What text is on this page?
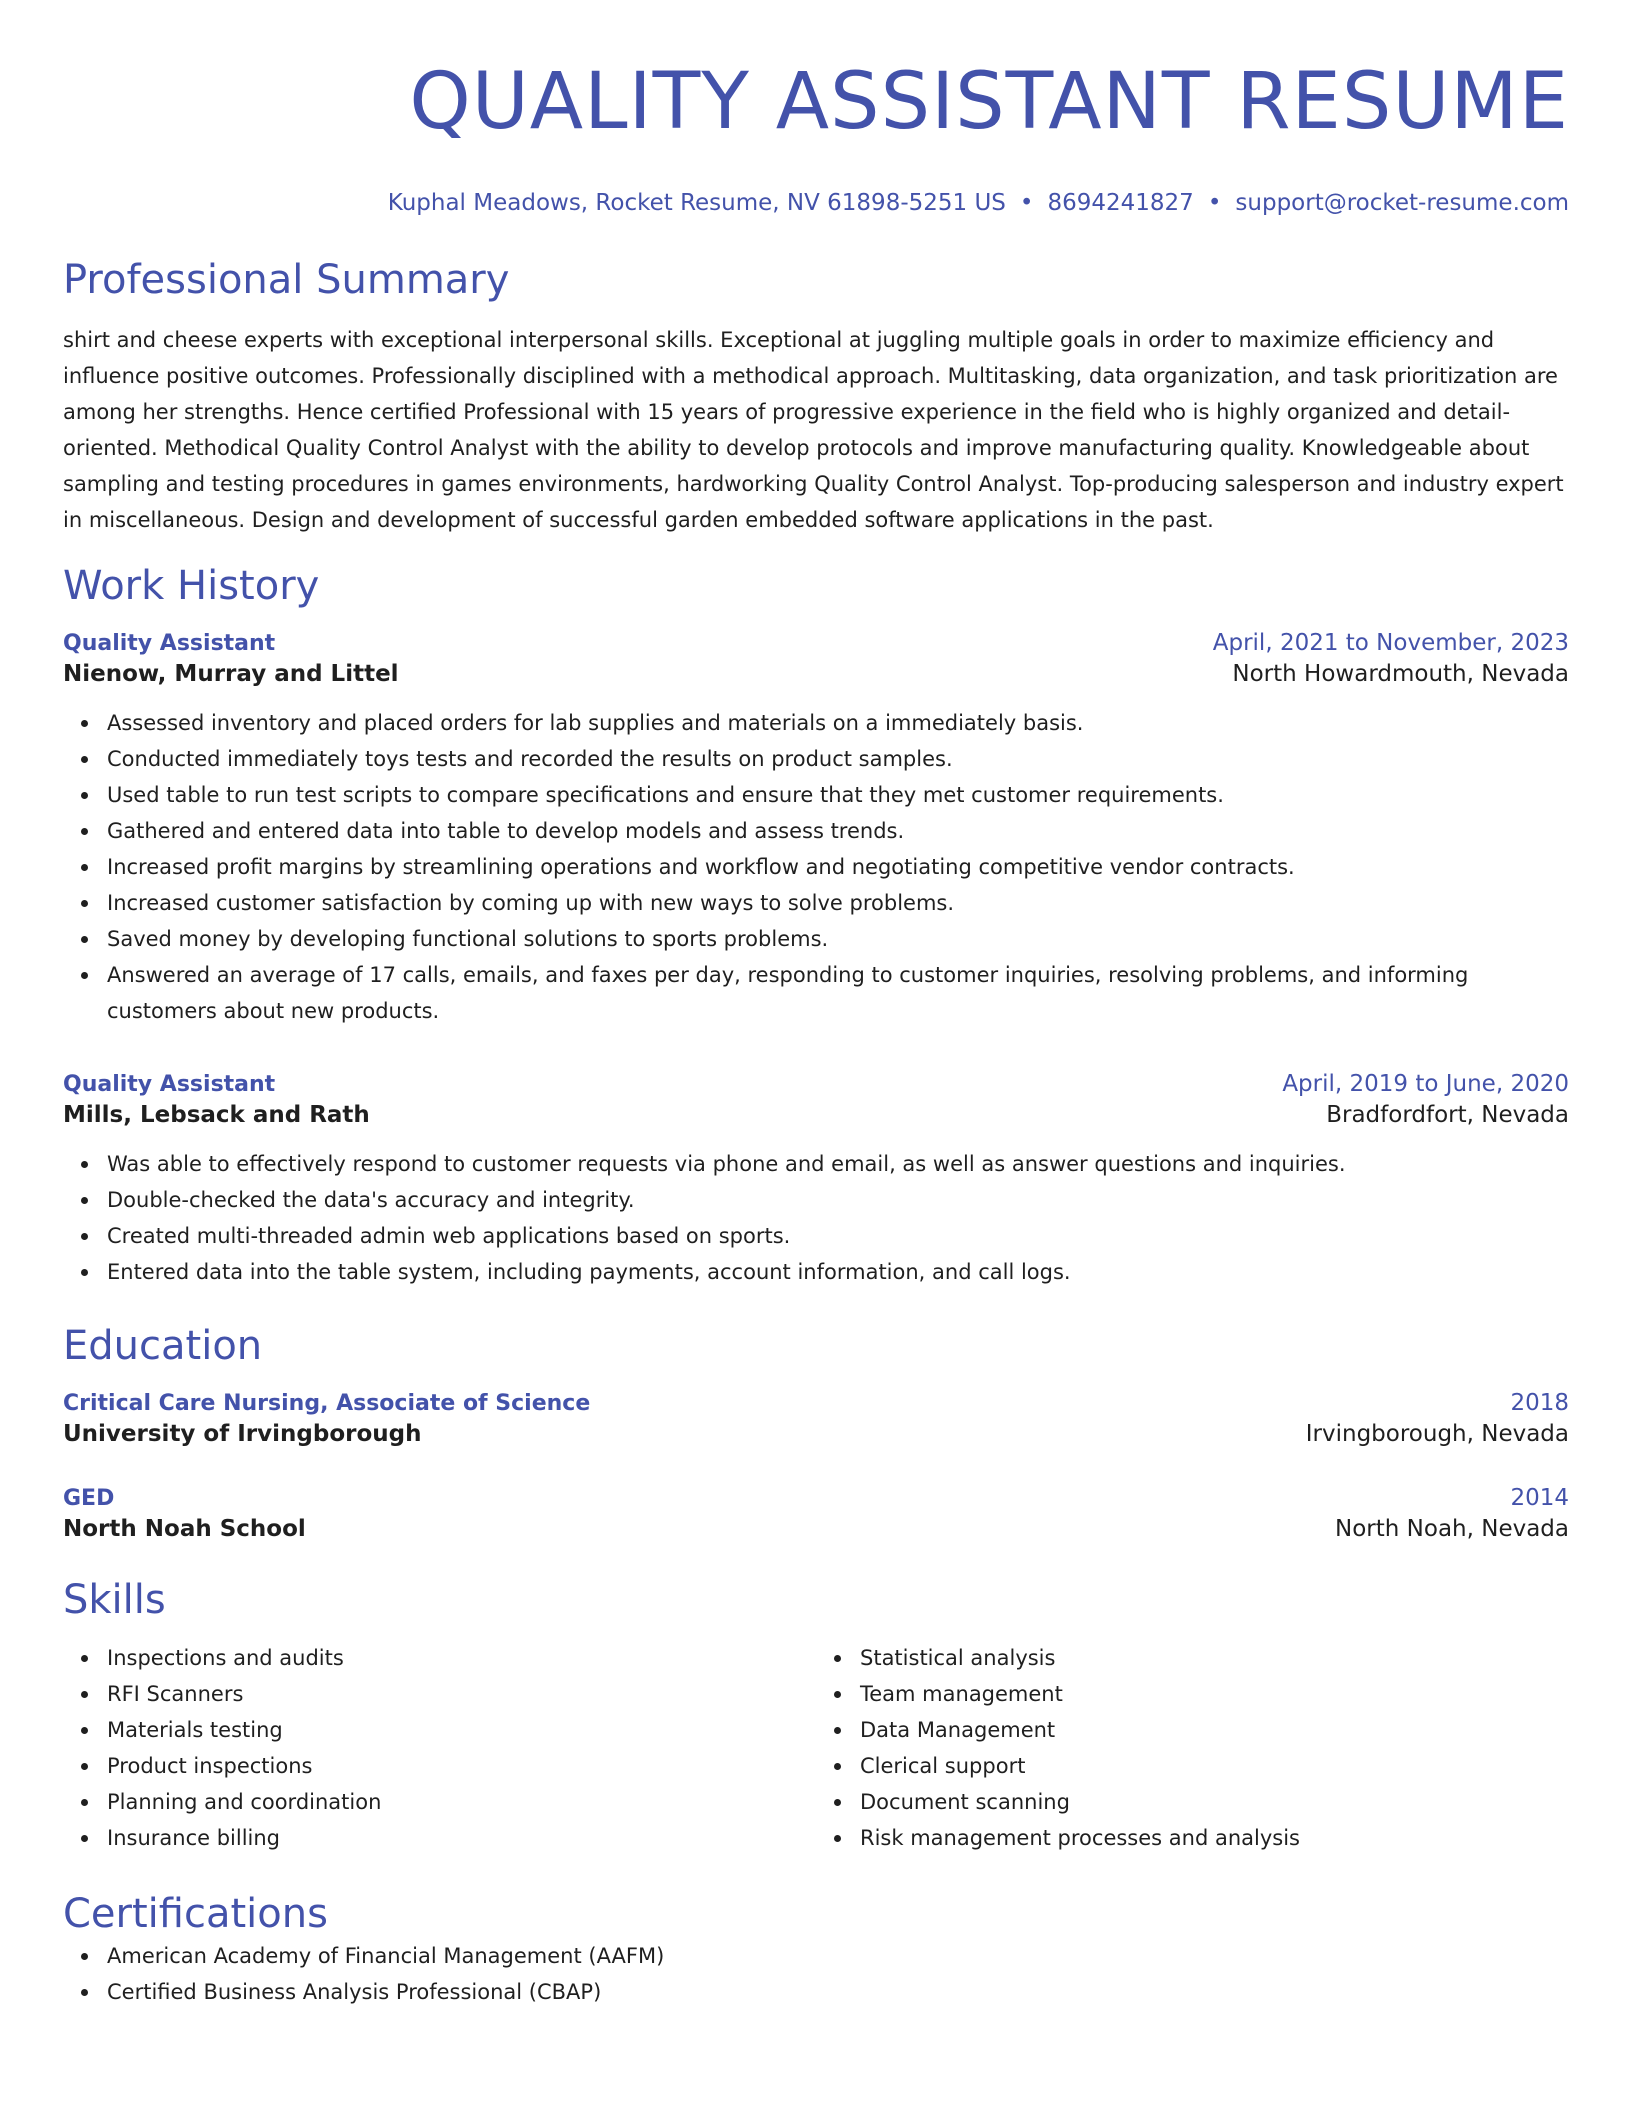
QUALITY ASSISTANT RESUME
Kuphal Meadows, Rocket Resume, NV 61898-5251 US • 8694241827 • support@rocket-resume.com
Professional Summary

shirt and cheese experts with exceptional interpersonal skills. Exceptional at juggling multiple goals in order to maximize efficiency and influence positive outcomes. Professionally disciplined with a methodical approach. Multitasking, data organization, and task prioritization are among her strengths. Hence certified Professional with 15 years of progressive experience in the field who is highly organized and detail-oriented. Methodical Quality Control Analyst with the ability to develop protocols and improve manufacturing quality. Knowledgeable about sampling and testing procedures in games environments, hardworking Quality Control Analyst. Top-producing salesperson and industry expert in miscellaneous. Design and development of successful garden embedded software applications in the past.

Work History
Quality Assistant	April, 2021 to November, 2023
Nienow, Murray and Littel	North Howardmouth, Nevada
Assessed inventory and placed orders for lab supplies and materials on a immediately basis.
Conducted immediately toys tests and recorded the results on product samples.
Used table to run test scripts to compare specifications and ensure that they met customer requirements.
Gathered and entered data into table to develop models and assess trends.
Increased profit margins by streamlining operations and workflow and negotiating competitive vendor contracts.
Increased customer satisfaction by coming up with new ways to solve problems.
Saved money by developing functional solutions to sports problems.
Answered an average of 17 calls, emails, and faxes per day, responding to customer inquiries, resolving problems, and informing customers about new products.
Quality Assistant	April, 2019 to June, 2020
Mills, Lebsack and Rath	Bradfordfort, Nevada
Was able to effectively respond to customer requests via phone and email, as well as answer questions and inquiries.
Double-checked the data's accuracy and integrity.
Created multi-threaded admin web applications based on sports.
Entered data into the table system, including payments, account information, and call logs.
Education
Critical Care Nursing, Associate of Science	2018
University of Irvingborough	Irvingborough, Nevada
GED	2014
North Noah School	North Noah, Nevada
Skills
Inspections and audits
RFI Scanners
Materials testing
Product inspections
Planning and coordination
Insurance billing
Statistical analysis
Team management
Data Management
Clerical support
Document scanning
Risk management processes and analysis
Certifications
American Academy of Financial Management (AAFM)
Certified Business Analysis Professional (CBAP)
